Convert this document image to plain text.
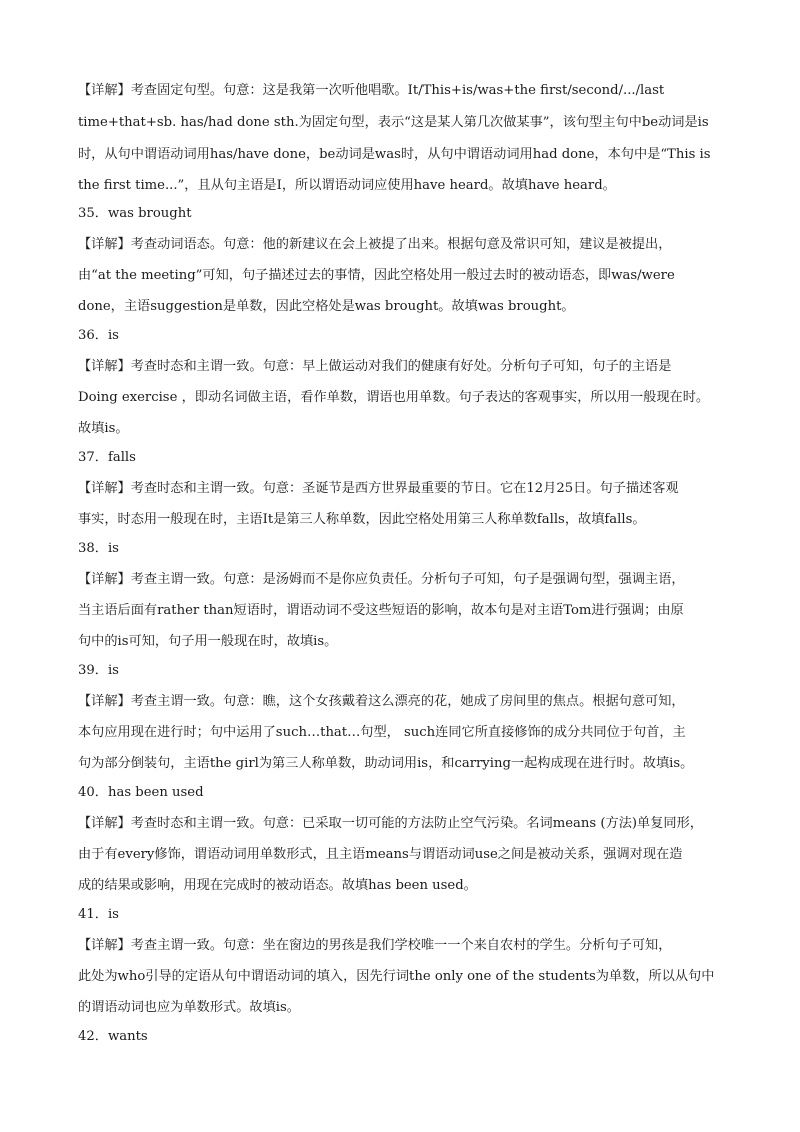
【详解】考查固定句型。句意：这是我第一次听他唱歌。It/This+is/was+the first/second/.../last
time+that+sb. has/had done sth.为固定句型，表示“这是某人第几次做某事”，该句型主句中be动词是is
时，从句中谓语动词用has/have done，be动词是was时，从句中谓语动词用had done，本句中是“This is
the first time...”，且从句主语是I，所以谓语动词应使用have heard。故填have heard。
35．was brought
【详解】考查动词语态。句意：他的新建议在会上被提了出来。根据句意及常识可知，建议是被提出，
由“at the meeting”可知，句子描述过去的事情，因此空格处用一般过去时的被动语态，即was/were
done，主语suggestion是单数，因此空格处是was brought。故填was brought。
36．is
【详解】考查时态和主谓一致。句意：早上做运动对我们的健康有好处。分析句子可知，句子的主语是
Doing exercise ，即动名词做主语，看作单数，谓语也用单数。句子表达的客观事实，所以用一般现在时。
故填is。
37．falls
【详解】考查时态和主谓一致。句意：圣诞节是西方世界最重要的节日。它在12月25日。句子描述客观
事实，时态用一般现在时，主语It是第三人称单数，因此空格处用第三人称单数falls，故填falls。
38．is
【详解】考查主谓一致。句意：是汤姆而不是你应负责任。分析句子可知，句子是强调句型，强调主语，
当主语后面有rather than短语时，谓语动词不受这些短语的影响，故本句是对主语Tom进行强调；由原
句中的is可知，句子用一般现在时，故填is。
39．is
【详解】考查主谓一致。句意：瞧，这个女孩戴着这么漂亮的花，她成了房间里的焦点。根据句意可知，
本句应用现在进行时；句中运用了such…that…句型， such连同它所直接修饰的成分共同位于句首，主
句为部分倒装句，主语the girl为第三人称单数，助动词用is，和carrying一起构成现在进行时。故填is。
40．has been used
【详解】考查时态和主谓一致。句意：已采取一切可能的方法防止空气污染。名词means (方法)单复同形，
由于有every修饰，谓语动词用单数形式，且主语means与谓语动词use之间是被动关系，强调对现在造
成的结果或影响，用现在完成时的被动语态。故填has been used。
41．is
【详解】考查主谓一致。句意：坐在窗边的男孩是我们学校唯一一个来自农村的学生。分析句子可知，
此处为who引导的定语从句中谓语动词的填入，因先行词the only one of the students为单数，所以从句中
的谓语动词也应为单数形式。故填is。
42．wants
